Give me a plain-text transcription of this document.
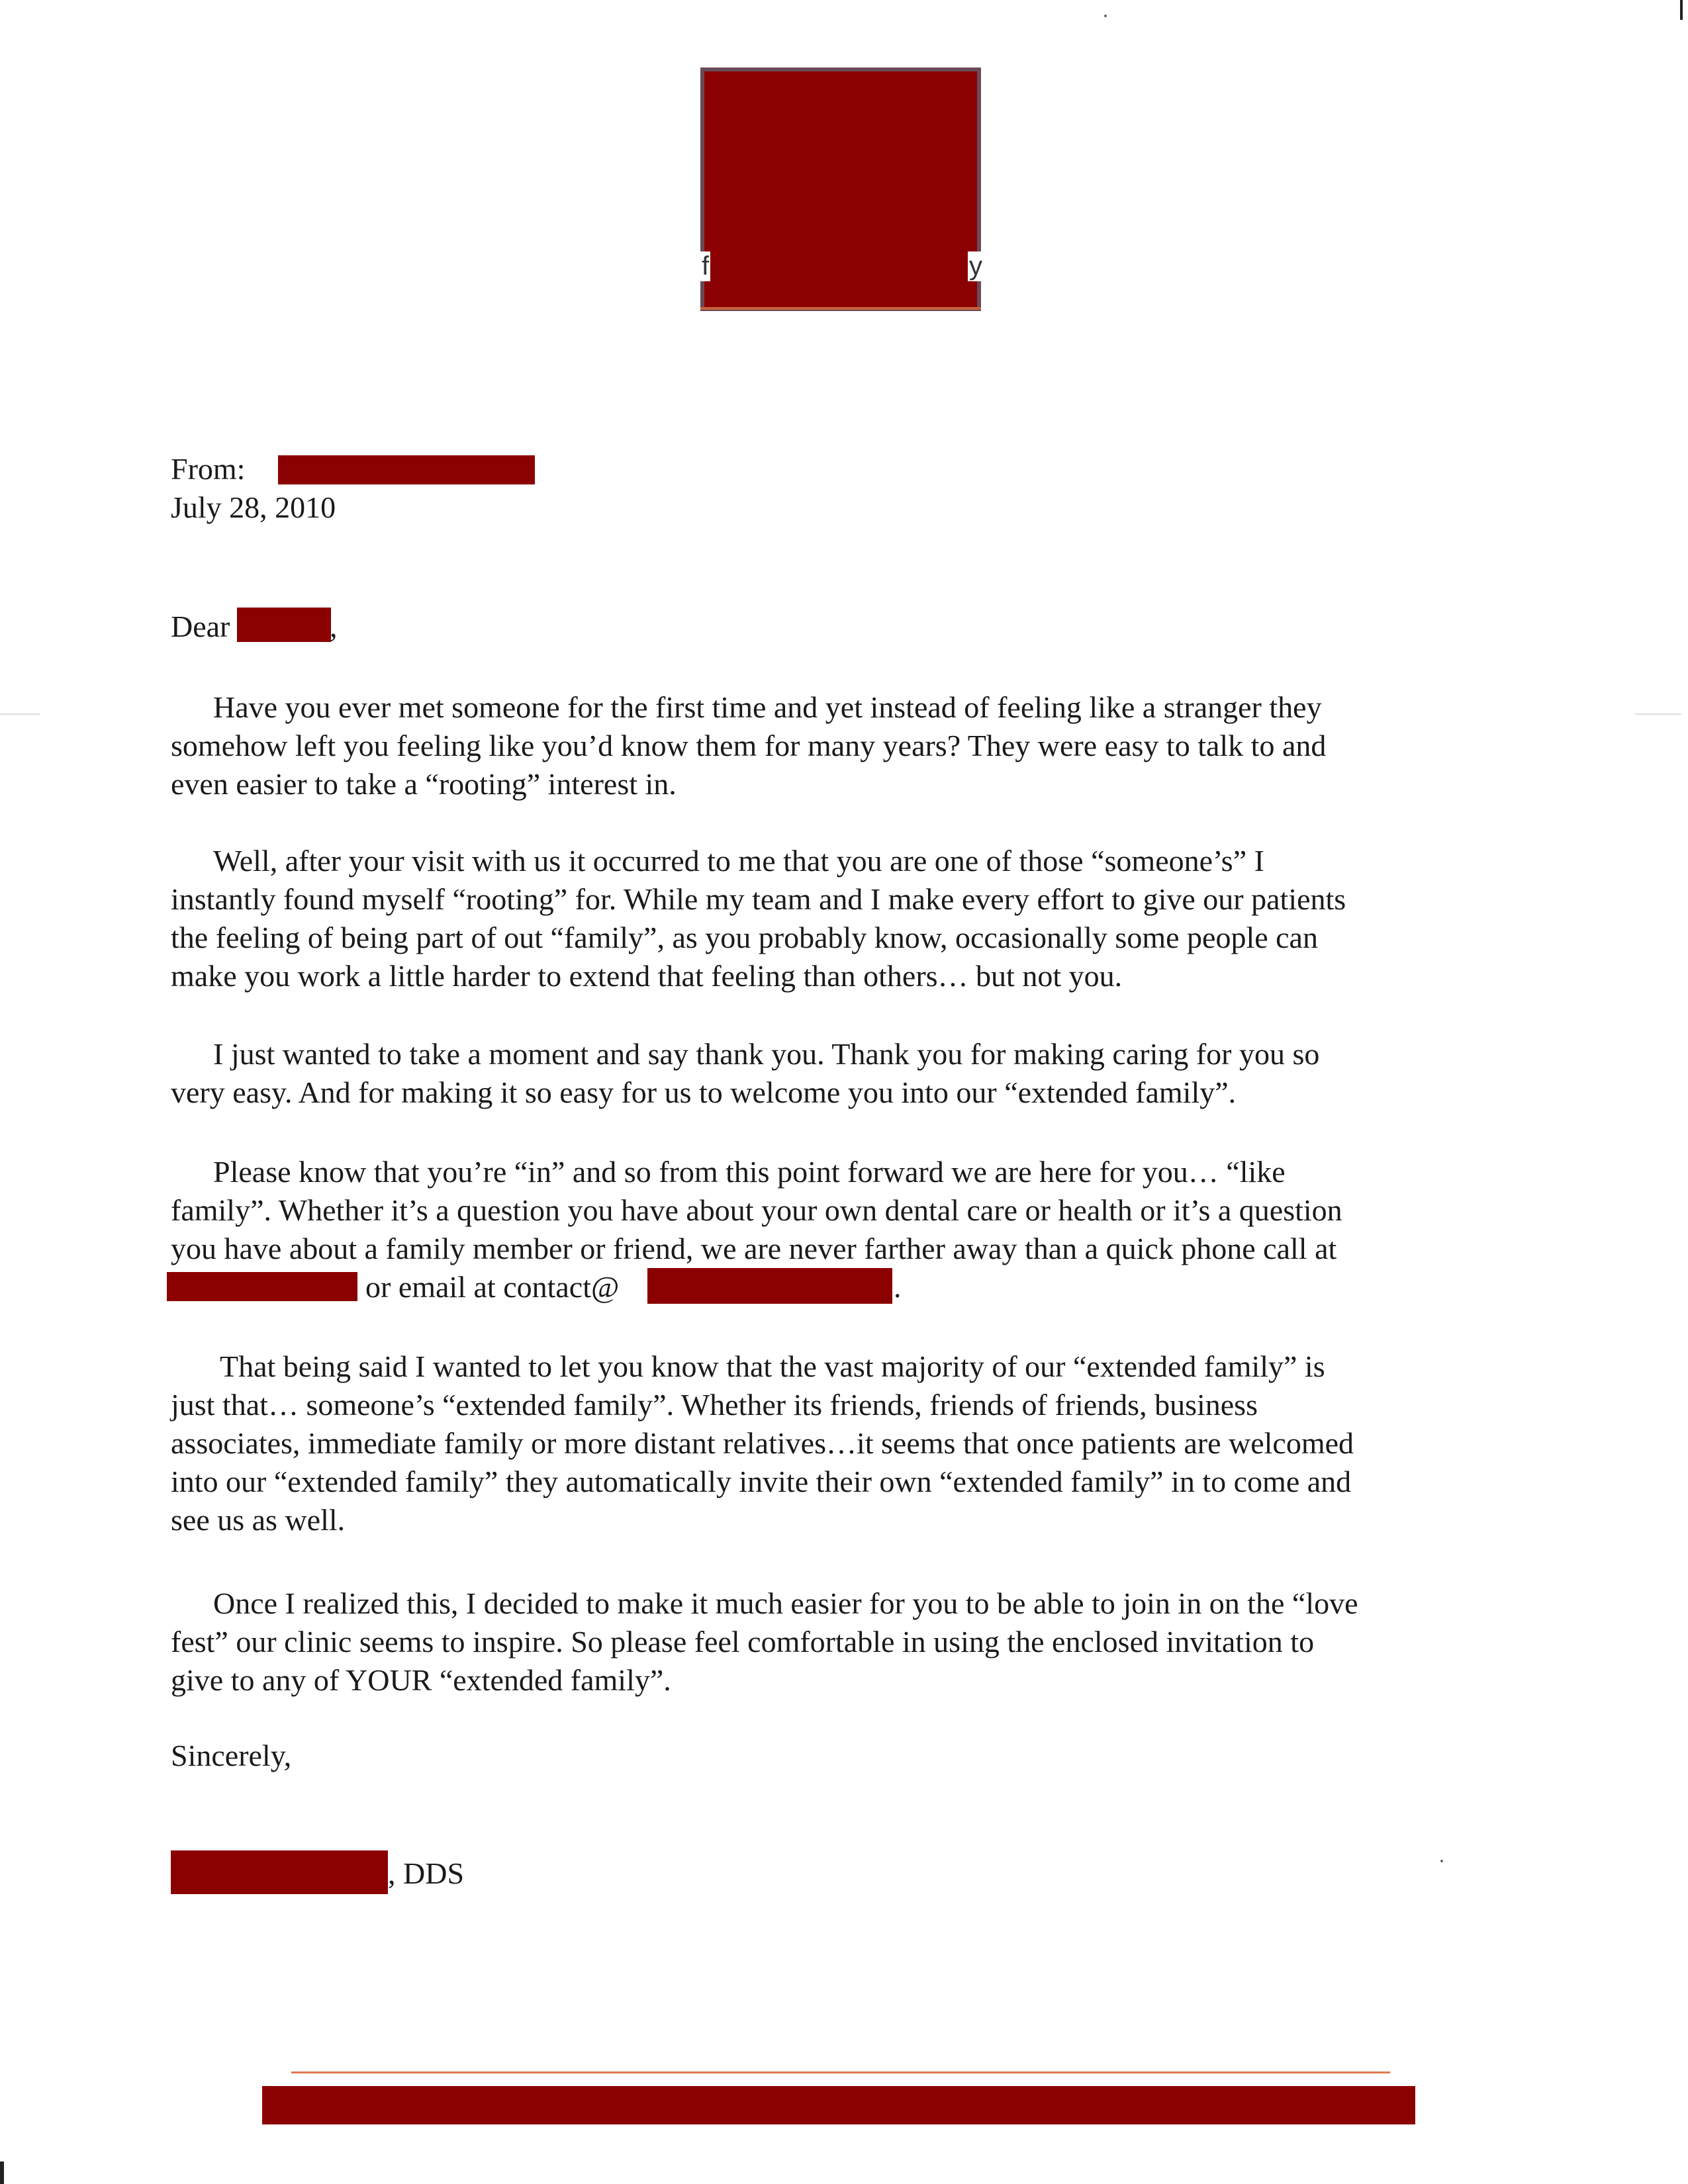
f	y
From:
July 28, 2010
Dear	,
Have you ever met someone for the first time and yet instead of feeling like a stranger they
somehow left you feeling like you’d know them for many years? They were easy to talk to and
even easier to take a “rooting” interest in.
Well, after your visit with us it occurred to me that you are one of those “someone’s” I
instantly found myself “rooting” for. While my team and I make every effort to give our patients
the feeling of being part of out “family”, as you probably know, occasionally some people can
make you work a little harder to extend that feeling than others… but not you.
I just wanted to take a moment and say thank you. Thank you for making caring for you so
very easy. And for making it so easy for us to welcome you into our “extended family”.
Please know that you’re “in” and so from this point forward we are here for you… “like
family”. Whether it’s a question you have about your own dental care or health or it’s a question
you have about a family member or friend, we are never farther away than a quick phone call at
or email at contact@	.
That being said I wanted to let you know that the vast majority of our “extended family” is
just that… someone’s “extended family”. Whether its friends, friends of friends, business
associates, immediate family or more distant relatives…it seems that once patients are welcomed
into our “extended family” they automatically invite their own “extended family” in to come and
see us as well.
Once I realized this, I decided to make it much easier for you to be able to join in on the “love
fest” our clinic seems to inspire. So please feel comfortable in using the enclosed invitation to
give to any of YOUR “extended family”.
Sincerely,
, DDS
